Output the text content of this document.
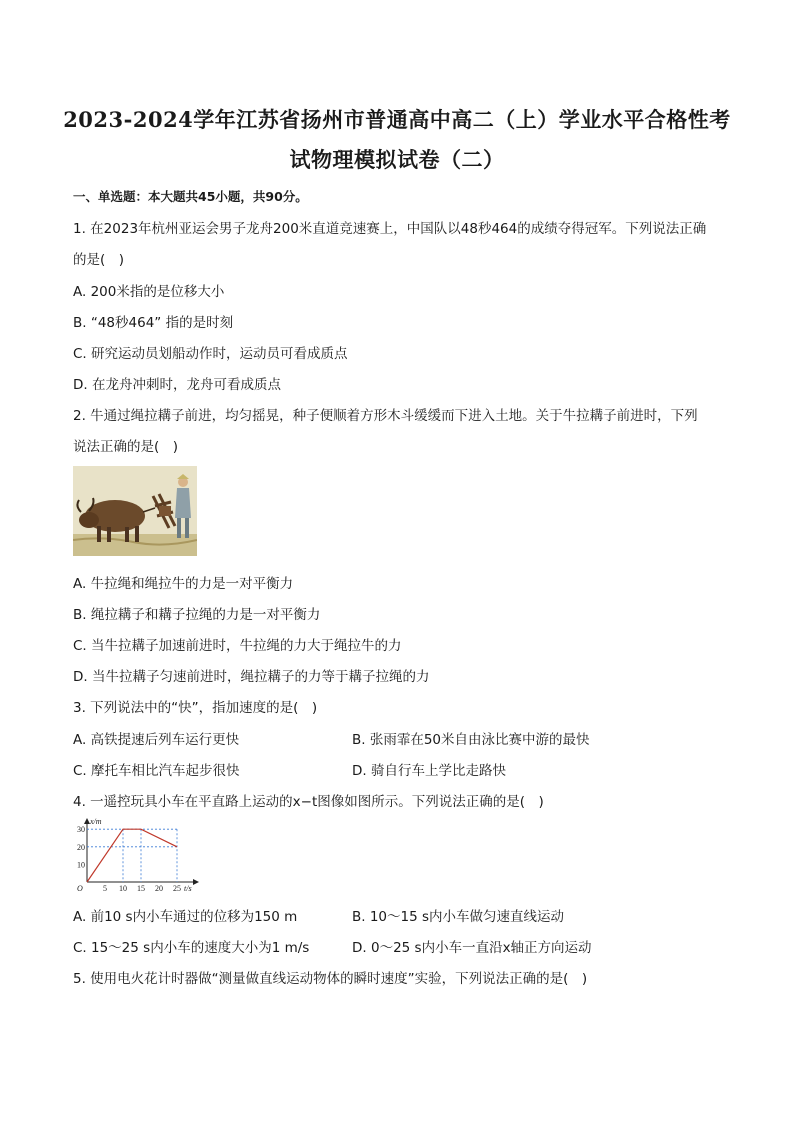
2023-2024学年江苏省扬州市普通高中高二（上）学业水平合格性考
试物理模拟试卷（二）
一、单选题：本大题共45小题，共90分。
1. 在2023年杭州亚运会男子龙舟200米直道竞速赛上，中国队以48秒464的成绩夺得冠军。下列说法正确
的是(　)
A. 200米指的是位移大小
B. “48秒464” 指的是时刻
C. 研究运动员划船动作时，运动员可看成质点
D. 在龙舟冲刺时，龙舟可看成质点
2. 牛通过绳拉耩子前进，均匀摇晃，种子便顺着方形木斗缓缓而下进入土地。关于牛拉耩子前进时，下列
说法正确的是(　)
A. 牛拉绳和绳拉牛的力是一对平衡力
B. 绳拉耩子和耩子拉绳的力是一对平衡力
C. 当牛拉耩子加速前进时，牛拉绳的力大于绳拉牛的力
D. 当牛拉耩子匀速前进时，绳拉耩子的力等于耩子拉绳的力
3. 下列说法中的“快”，指加速度的是(　)
A. 高铁提速后列车运行更快	B. 张雨霏在50米自由泳比赛中游的最快
C. 摩托车相比汽车起步很快	D. 骑自行车上学比走路快
4. 一遥控玩具小车在平直路上运动的x−t图像如图所示。下列说法正确的是(　)
x/m
t/s
O	5 10 15 20 25
10
20
30
A. 前10 s内小车通过的位移为150 m	B. 10～15 s内小车做匀速直线运动
C. 15～25 s内小车的速度大小为1 m/s	D. 0～25 s内小车一直沿x轴正方向运动
5. 使用电火花计时器做“测量做直线运动物体的瞬时速度”实验，下列说法正确的是(　)
